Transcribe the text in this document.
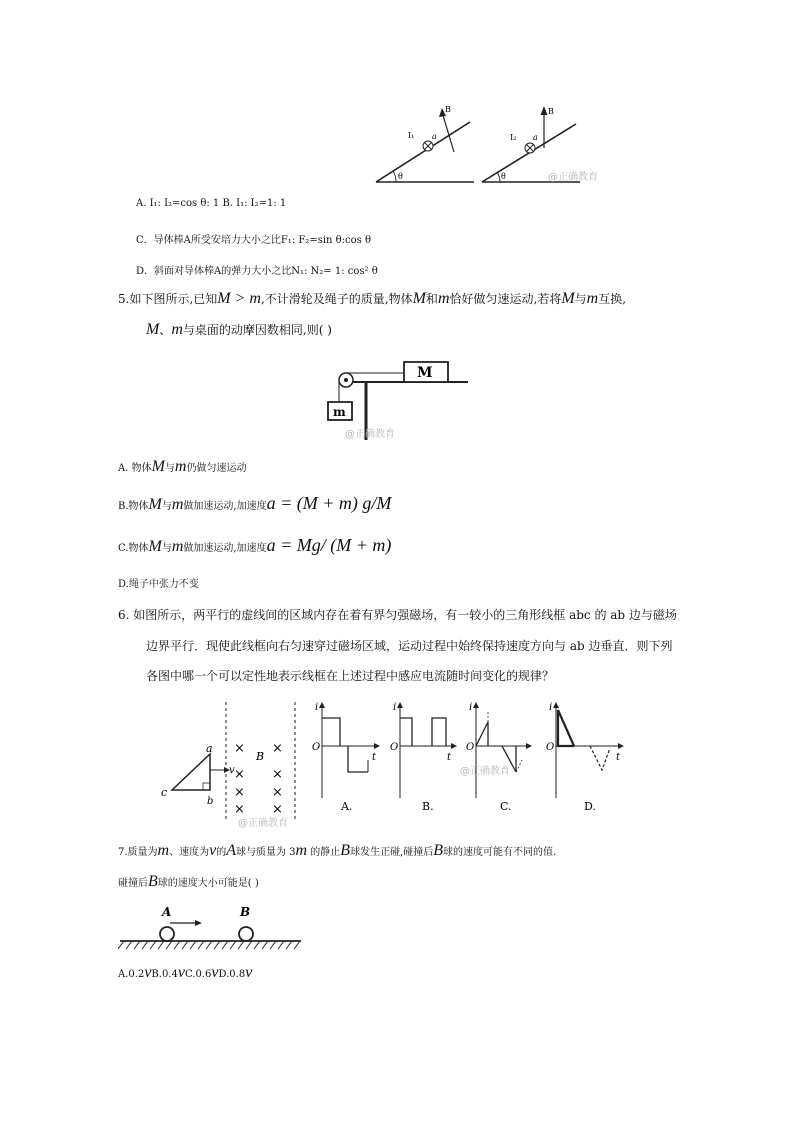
θ
I₁ a
B
θ
I₂ a
B
@正确教育
A. I₁: I₂=cos θ: 1 B. I₁: I₂=1: 1
C．导体棒A所受安培力大小之比F₁: F₂=sin θ:cos θ
D．斜面对导体棒A的弹力大小之比N₁: N₂= 1: cos² θ
5.如下图所示,已知M > m,不计滑轮及绳子的质量,物体M和m恰好做匀速运动,若将M与m互换,
M、m与桌面的动摩因数相同,则( )
M
m
@正确教育
A. 物体M与m仍做匀速运动
B.物体M与m做加速运动,加速度a = (M + m) g/M
C.物体M与m做加速运动,加速度a = Mg/ (M + m)
D.绳子中张力不变
6. 如图所示，两平行的虚线间的区域内存在着有界匀强磁场，有一较小的三角形线框 abc 的 ab 边与磁场
边界平行．现使此线框向右匀速穿过磁场区域，运动过程中始终保持速度方向与 ab 边垂直．则下列
各图中哪一个可以定性地表示线框在上述过程中感应电流随时间变化的规律？
a
b
c
v
×
×
×
×
×
×
×
×
B
i
O
t
A.
i
O
t
B.
i
O
C.
i
O
t
D.
@正确教育
@正确教育
7.质量为m、速度为v的A球与质量为 3m 的静止B球发生正碰,碰撞后B球的速度可能有不同的值.
碰撞后B球的速度大小可能是( )
A	B
A.0.2vB.0.4vC.0.6vD.0.8v
